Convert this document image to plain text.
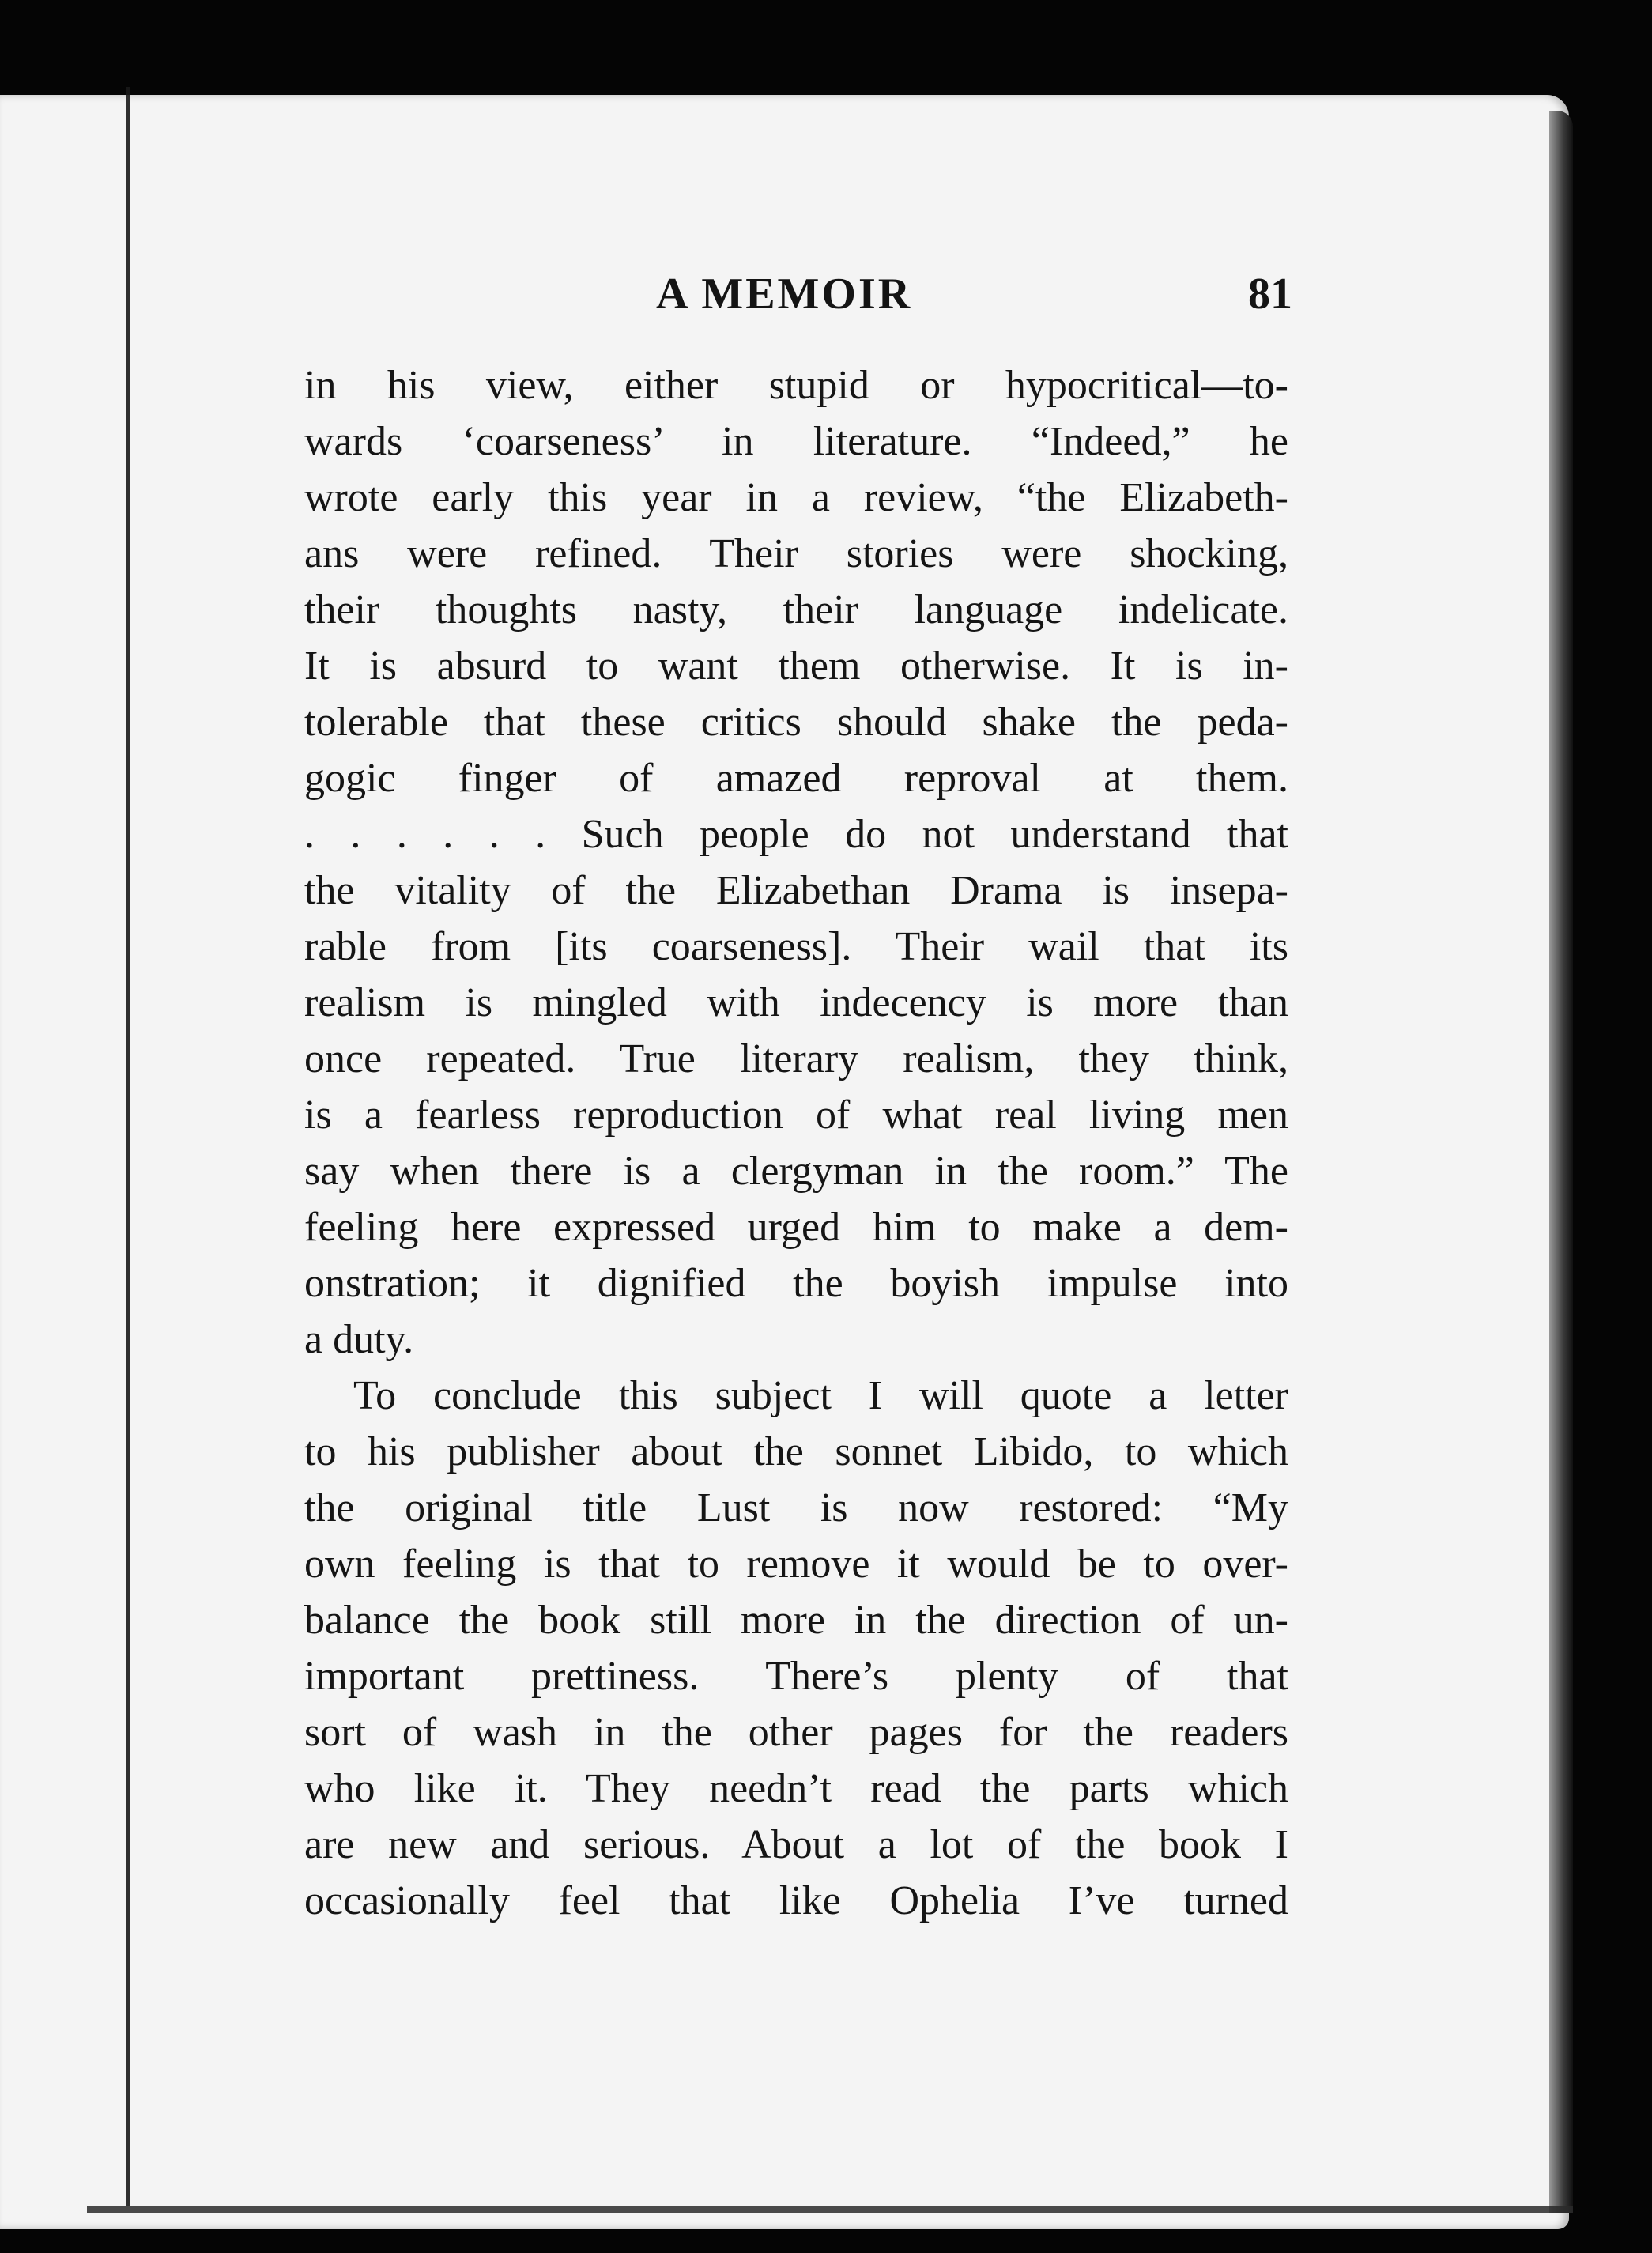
A MEMOIR	81
in his view, either stupid or hypocritical—to-
wards ‘coarseness’ in literature. “Indeed,” he
wrote early this year in a review, “the Elizabeth-
ans were refined. Their stories were shocking,
their thoughts nasty, their language indelicate.
It is absurd to want them otherwise. It is in-
tolerable that these critics should shake the peda-
gogic finger of amazed reproval at them.
. . . . . . Such people do not understand that
the vitality of the Elizabethan Drama is insepa-
rable from [its coarseness]. Their wail that its
realism is mingled with indecency is more than
once repeated. True literary realism, they think,
is a fearless reproduction of what real living men
say when there is a clergyman in the room.” The
feeling here expressed urged him to make a dem-
onstration; it dignified the boyish impulse into
a duty.
To conclude this subject I will quote a letter
to his publisher about the sonnet Libido, to which
the original title Lust is now restored: “My
own feeling is that to remove it would be to over-
balance the book still more in the direction of un-
important prettiness. There’s plenty of that
sort of wash in the other pages for the readers
who like it. They needn’t read the parts which
are new and serious. About a lot of the book I
occasionally feel that like Ophelia I’ve turned
